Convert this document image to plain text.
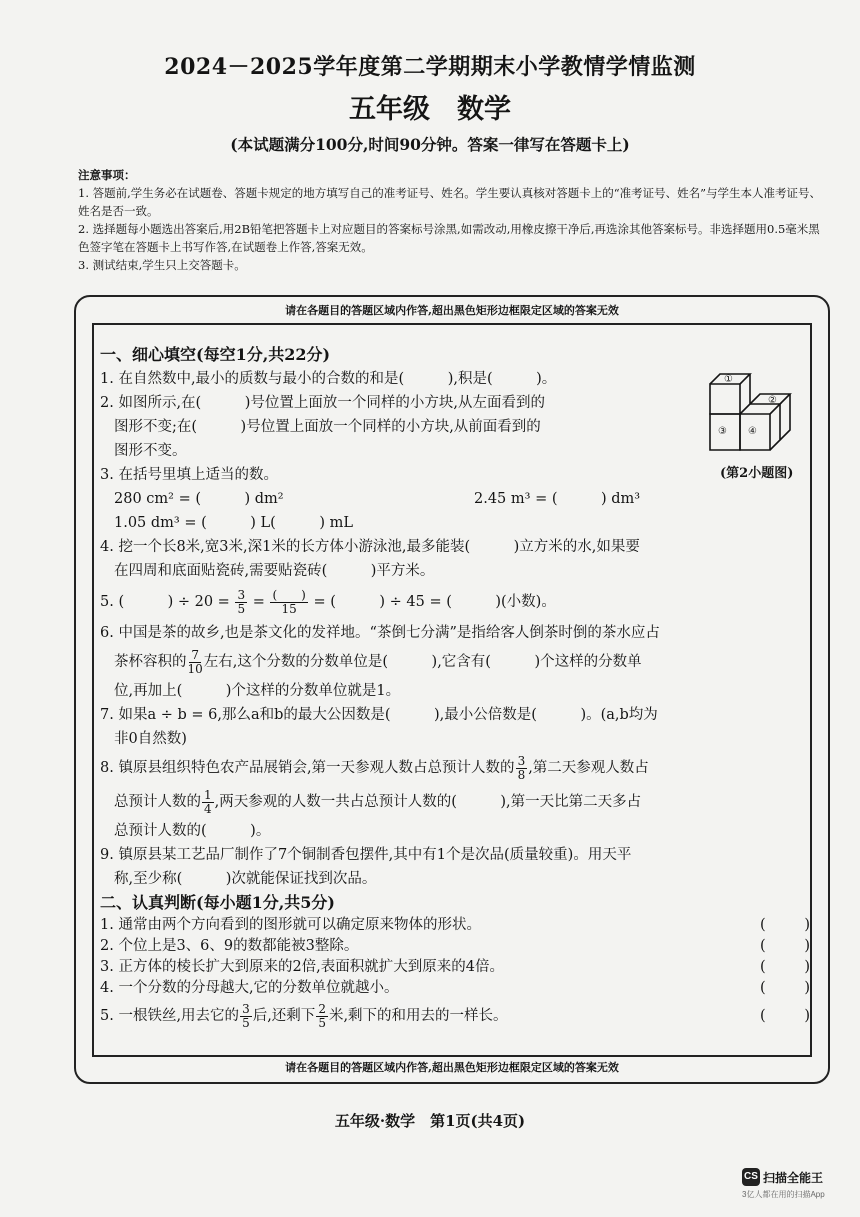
2024－2025学年度第二学期期末小学教情学情监测
五年级　数学
(本试题满分100分,时间90分钟。答案一律写在答题卡上)
注意事项：
1. 答题前,学生务必在试题卷、答题卡规定的地方填写自己的准考证号、姓名。学生要认真核对答题卡上的“准考证号、姓名”与学生本人准考证号、姓名是否一致。
2. 选择题每小题选出答案后,用2B铅笔把答题卡上对应题目的答案标号涂黑,如需改动,用橡皮擦干净后,再选涂其他答案标号。非选择题用0.5毫米黑色签字笔在答题卡上书写作答,在试题卷上作答,答案无效。
3. 测试结束,学生只上交答题卡。
请在各题目的答题区域内作答,超出黑色矩形边框限定区域的答案无效
请在各题目的答题区域内作答,超出黑色矩形边框限定区域的答案无效
①
②
③ ④
(第2小题图)

一、细心填空(每空1分,共22分)

1. 在自然数中,最小的质数与最小的合数的和是(　　　),积是(　　　)。

2. 如图所示,在(　　　)号位置上面放一个同样的小方块,从左面看到的

图形不变;在(　　　)号位置上面放一个同样的小方块,从前面看到的

图形不变。

3. 在括号里填上适当的数。

280 cm² = (　　　) dm²	2.45 m³ = (　　　) dm³

1.05 dm³ = (　　　) L(　　　) mL

4. 挖一个长8米,宽3米,深1米的长方体小游泳池,最多能装(　　　)立方米的水,如果要

在四周和底面贴瓷砖,需要贴瓷砖(　　　)平方米。

5. (　　　) ÷ $20 = \frac{3}{5} = \frac{( )}{15}$ = (　　　) ÷ 45 = (　　　)(小数)。

6. 中国是茶的故乡,也是茶文化的发祥地。“茶倒七分满”是指给客人倒茶时倒的茶水应占

茶杯容积的 $\frac{7}{10}$ 左右,这个分数的分数单位是(　　　),它含有(　　　)个这样的分数单

位,再加上(　　　)个这样的分数单位就是1。

7. 如果a ÷ b = 6,那么a和b的最大公因数是(　　　),最小公倍数是(　　　)。(a,b均为

非0自然数)

8. 镇原县组织特色农产品展销会,第一天参观人数占总预计人数的 $\frac{3}{8}$ ,第二天参观人数占

总预计人数的 $\frac{1}{4}$ ,两天参观的人数一共占总预计人数的(　　　),第一天比第二天多占

总预计人数的(　　　)。

9. 镇原县某工艺品厂制作了7个铜制香包摆件,其中有1个是次品(质量较重)。用天平

称,至少称(　　　)次就能保证找到次品。

二、认真判断(每小题1分,共5分)

1. 通常由两个方向看到的图形就可以确定原来物体的形状。	(	)
2. 个位上是3、6、9的数都能被3整除。	(	)
3. 正方体的棱长扩大到原来的2倍,表面积就扩大到原来的4倍。	(	)
4. 一个分数的分母越大,它的分数单位就越小。	(	)
5. 一根铁丝,用去它的 $\frac{3}{5}$ 后,还剩下 $\frac{2}{5}$ 米,剩下的和用去的一样长。	(	)
五年级·数学　第1页(共4页)
CS 扫描全能王
3亿人都在用的扫描App
